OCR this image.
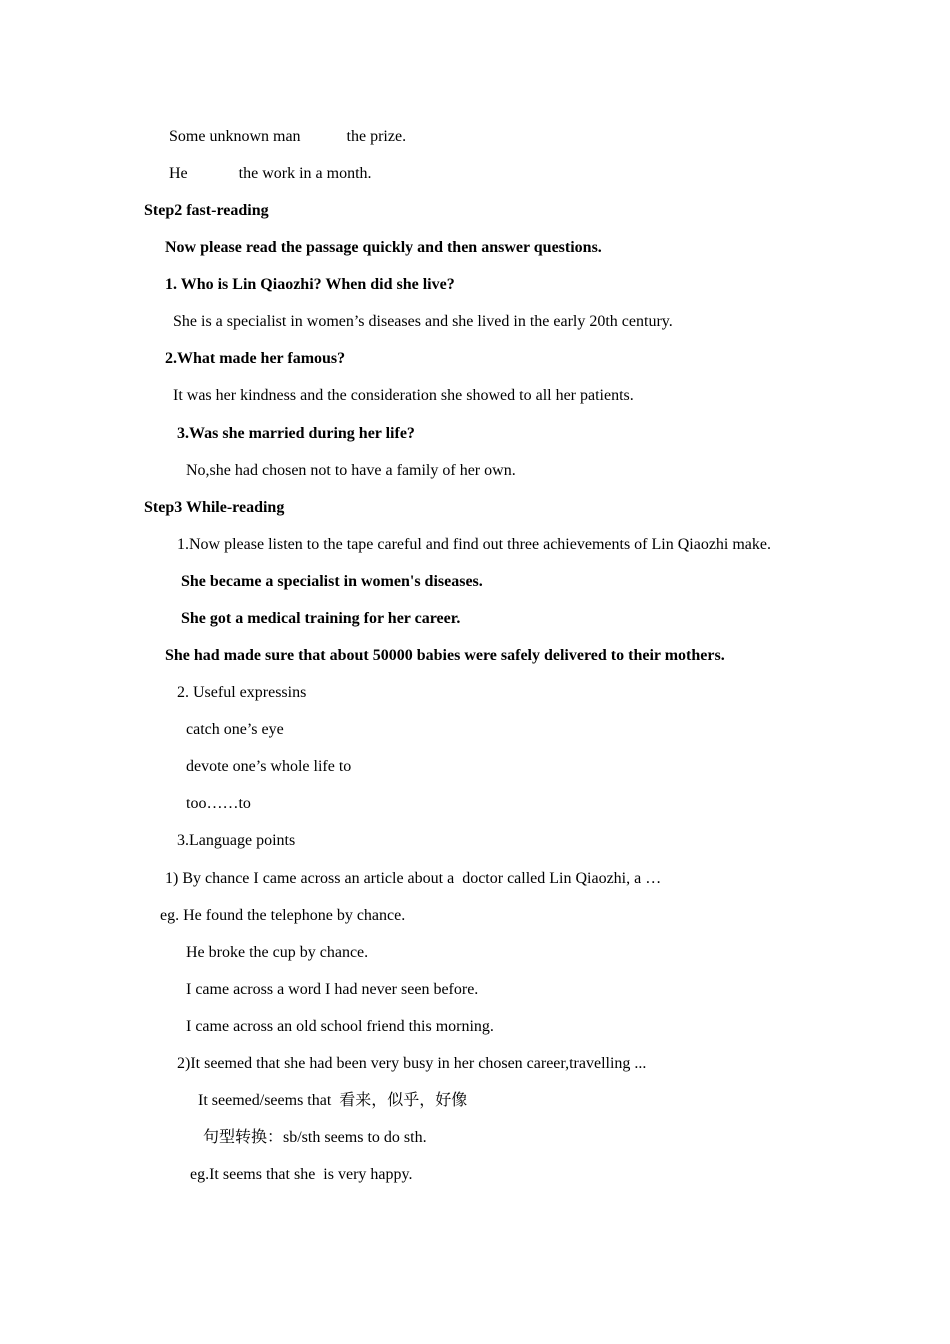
Some unknown man	the prize.
He	the work in a month.
Step2 fast-reading
Now please read the passage quickly and then answer questions.
1. Who is Lin Qiaozhi? When did she live?
She is a specialist in women’s diseases and she lived in the early 20th century.
2.What made her famous?
It was her kindness and the consideration she showed to all her patients.
3.Was she married during her life?
No,she had chosen not to have a family of her own.
Step3 While-reading
1.Now please listen to the tape careful and find out three achievements of Lin Qiaozhi make.
She became a specialist in women's diseases.
She got a medical training for her career.
She had made sure that about 50000 babies were safely delivered to their mothers.
2. Useful expressins
catch one’s eye
devote one’s whole life to
too……to
3.Language points
1) By chance I came across an article about a  doctor called Lin Qiaozhi, a …
eg. He found the telephone by chance.
He broke the cup by chance.
I came across a word I had never seen before.
I came across an old school friend this morning.
2)It seemed that she had been very busy in her chosen career,travelling ...
It seemed/seems that  看来，似乎，好像
句型转换：sb/sth seems to do sth.
eg.It seems that she  is very happy.
